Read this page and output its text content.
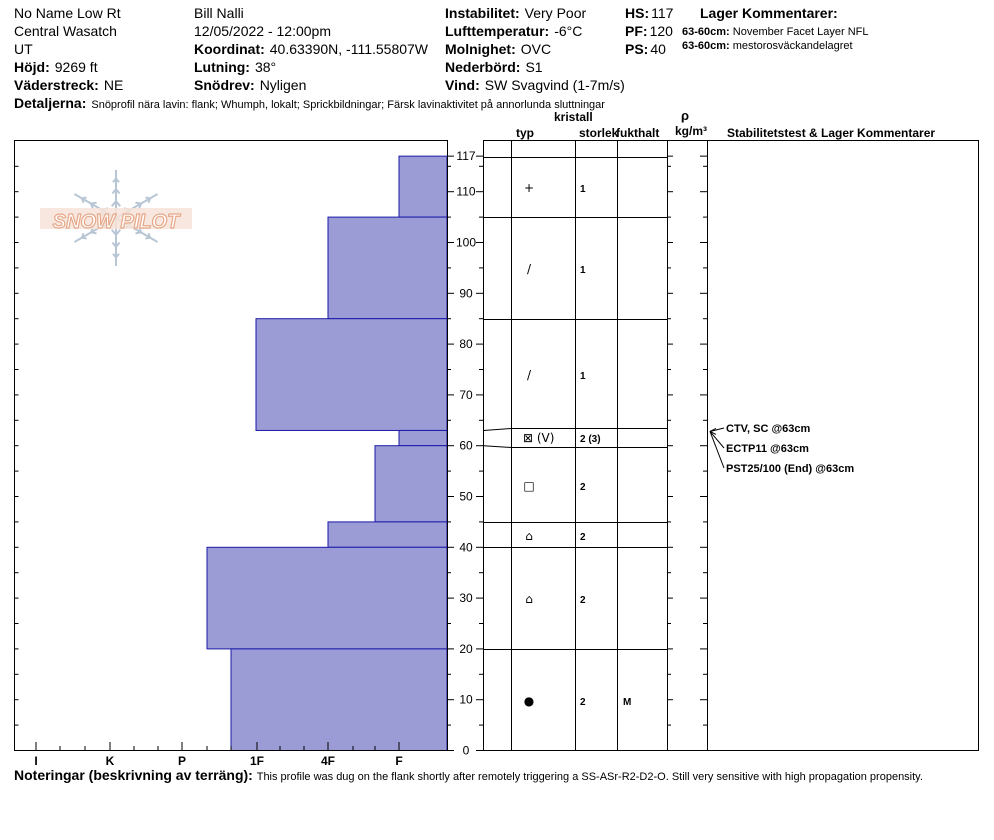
No Name Low Rt
Central Wasatch
UT
Höjd: 9269 ft
Väderstreck: NE
Bill Nalli
12/05/2022 - 12:00pm
Koordinat: 40.63390N, -111.55807W
Lutning: 38°
Snödrev: Nyligen
Instabilitet: Very Poor
Lufttemperatur: -6°C
Molnighet: OVC
Nederbörd: S1
Vind: SW Svagvind (1-7m/s)
HS: 117
PF: 120
PS: 40
Lager Kommentarer:
63-60cm: November Facet Layer NFL
63-60cm: mestorosväckandelagret
Detaljerna: Snöprofil nära lavin: flank; Whumph, lokalt; Sprickbildningar; Färsk lavinaktivitet på annorlunda sluttningar
kristall
typ	storlek
fukthalt
ρ
kg/m³ Stabilitetstest & Lager Kommentarer
SNOW PILOT
I	K	P	1F	4F	F
0
10
20
30
40
50
60
70
80
90
100
110
117
+	1
/	1
/	1
⊠ (V)	2 (3)
□	2
⌂	2
⌂	2
●	2	M
CTV, SC @63cm
ECTP11 @63cm
PST25/100 (End) @63cm
Noteringar (beskrivning av terräng): This profile was dug on the flank shortly after remotely triggering a SS-ASr-R2-D2-O. Still very sensitive with high propagation propensity.
